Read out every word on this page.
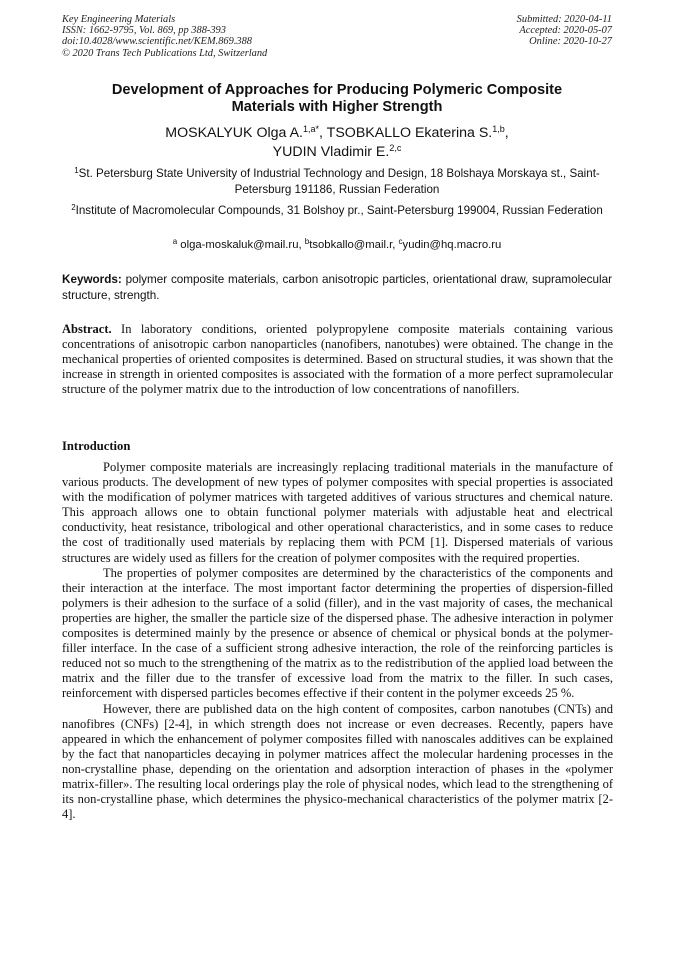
Key Engineering Materials
ISSN: 1662-9795, Vol. 869, pp 388-393
doi:10.4028/www.scientific.net/KEM.869.388
© 2020 Trans Tech Publications Ltd, Switzerland
Submitted: 2020-04-11
Accepted: 2020-05-07
Online: 2020-10-27
Development of Approaches for Producing Polymeric Composite
Materials with Higher Strength
MOSKALYUK Olga A.$^{1,a*}$, TSOBKALLO Ekaterina S.$^{1,b}$,
YUDIN Vladimir E.$^{2,c}$
$^1$St. Petersburg State University of Industrial Technology and Design, 18 Bolshaya Morskaya st., Saint-Petersburg 191186, Russian Federation
$^2$Institute of Macromolecular Compounds, 31 Bolshoy pr., Saint-Petersburg 199004, Russian Federation
$^a$ olga-moskaluk@mail.ru, $^b$tsobkallo@mail.r, $^c$yudin@hq.macro.ru
Keywords: polymer composite materials, carbon anisotropic particles, orientational draw, supramolecular structure, strength.
Abstract. In laboratory conditions, oriented polypropylene composite materials containing various concentrations of anisotropic carbon nanoparticles (nanofibers, nanotubes) were obtained. The change in the mechanical properties of oriented composites is determined. Based on structural studies, it was shown that the increase in strength in oriented composites is associated with the formation of a more perfect supramolecular structure of the polymer matrix due to the introduction of low concentrations of nanofillers.
Introduction

Polymer composite materials are increasingly replacing traditional materials in the manufacture of various products. The development of new types of polymer composites with special properties is associated with the modification of polymer matrices with targeted additives of various structures and chemical nature. This approach allows one to obtain functional polymer materials with adjustable heat and electrical conductivity, heat resistance, tribological and other operational characteristics, and in some cases to reduce the cost of traditionally used materials by replacing them with PCM [1]. Dispersed materials of various structures are widely used as fillers for the creation of polymer composites with the required properties.

The properties of polymer composites are determined by the characteristics of the components and their interaction at the interface. The most important factor determining the properties of dispersion-filled polymers is their adhesion to the surface of a solid (filler), and in the vast majority of cases, the mechanical properties are higher, the smaller the particle size of the dispersed phase. The adhesive interaction in polymer composites is determined mainly by the presence or absence of chemical or physical bonds at the polymer-filler interface. In the case of a sufficient strong adhesive interaction, the role of the reinforcing particles is reduced not so much to the strengthening of the matrix as to the redistribution of the applied load between the matrix and the filler due to the transfer of excessive load from the matrix to the filler. In such cases, reinforcement with dispersed particles becomes effective if their content in the polymer exceeds 25 %.

However, there are published data on the high content of composites, carbon nanotubes (CNTs) and nanofibres (CNFs) [2-4], in which strength does not increase or even decreases. Recently, papers have appeared in which the enhancement of polymer composites filled with nanoscales additives can be explained by the fact that nanoparticles decaying in polymer matrices affect the molecular hardening processes in the non-crystalline phase, depending on the orientation and adsorption interaction of phases in the «polymer matrix-filler». The resulting local orderings play the role of physical nodes, which lead to the strengthening of its non-crystalline phase, which determines the physico-mechanical characteristics of the polymer matrix [2-4].
